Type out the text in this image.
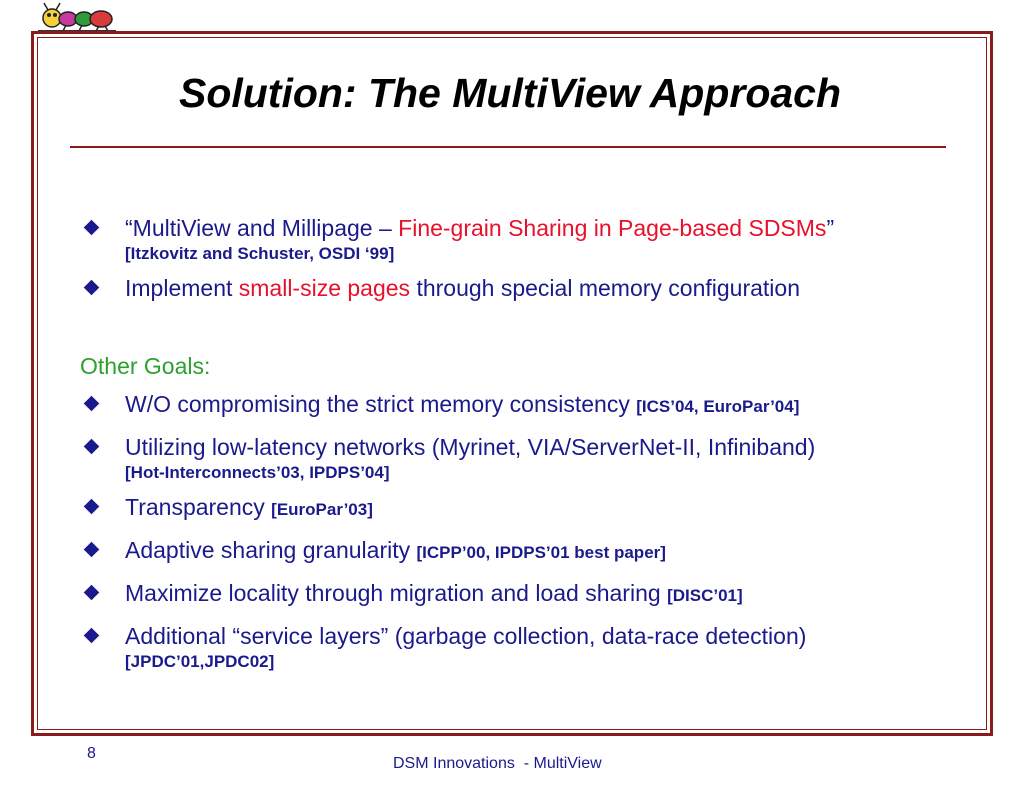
Solution: The MultiView Approach
“MultiView and Millipage – Fine-grain Sharing in Page-based SDSMs”
[Itzkovitz and Schuster, OSDI ‘99]
Implement small-size pages through special memory configuration
Other Goals:
W/O compromising the strict memory consistency [ICS’04, EuroPar’04]
Utilizing low-latency networks (Myrinet, VIA/ServerNet-II, Infiniband)
[Hot-Interconnects’03, IPDPS’04]
Transparency [EuroPar’03]
Adaptive sharing granularity [ICPP’00, IPDPS’01 best paper]
Maximize locality through migration and load sharing [DISC’01]
Additional “service layers” (garbage collection, data-race detection)
[JPDC’01,JPDC02]
8
DSM Innovations  - MultiView
